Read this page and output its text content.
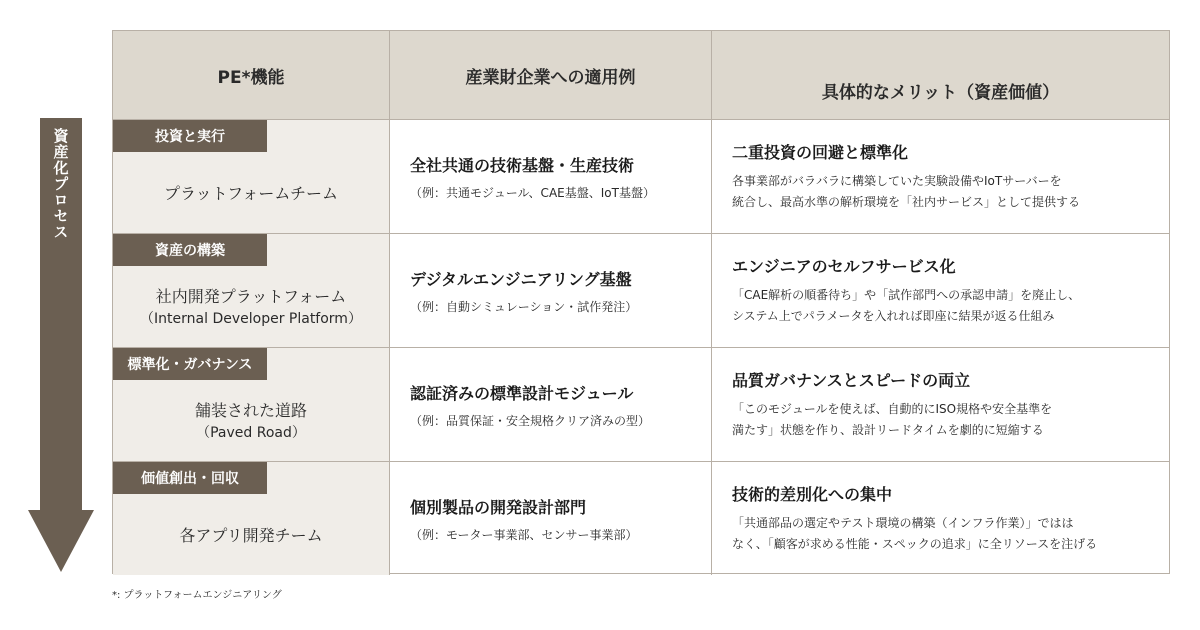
資産化プロセス
PE*機能	産業財企業への適用例
具体的なメリット（資産価値）
投資と実行
プラットフォームチーム
全社共通の技術基盤・生産技術
（例：共通モジュール、CAE基盤、IoT基盤）
二重投資の回避と標準化
各事業部がバラバラに構築していた実験設備やIoTサーバーを
統合し、最高水準の解析環境を「社内サービス」として提供する
資産の構築
社内開発プラットフォーム
（Internal Developer Platform）
デジタルエンジニアリング基盤
（例：自動シミュレーション・試作発注）
エンジニアのセルフサービス化
「CAE解析の順番待ち」や「試作部門への承認申請」を廃止し、
システム上でパラメータを入れれば即座に結果が返る仕組み
標準化・ガバナンス
舗装された道路
（Paved Road）
認証済みの標準設計モジュール
（例：品質保証・安全規格クリア済みの型）
品質ガバナンスとスピードの両立
「このモジュールを使えば、自動的にISO規格や安全基準を
満たす」状態を作り、設計リードタイムを劇的に短縮する
価値創出・回収
各アプリ開発チーム
個別製品の開発設計部門
（例：モーター事業部、センサー事業部）
技術的差別化への集中
「共通部品の選定やテスト環境の構築（インフラ作業）」ではは
なく、「顧客が求める性能・スペックの追求」に全リソースを注げる
*: プラットフォームエンジニアリング
